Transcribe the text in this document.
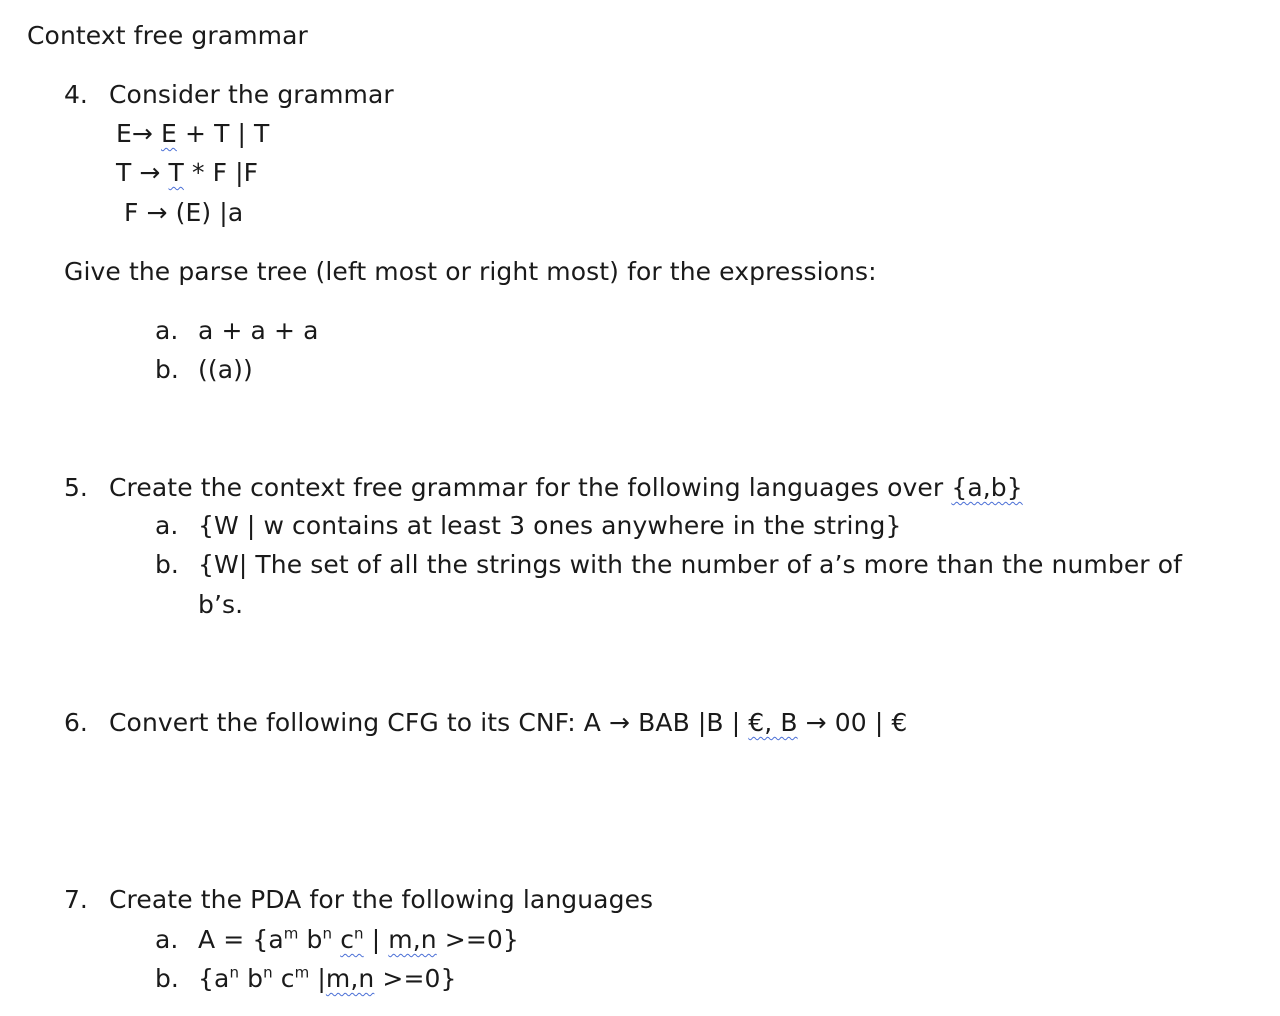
Context free grammar
4. Consider the grammar
E→ E + T | T
T → T * F |F
F → (E) |a
Give the parse tree (left most or right most) for the expressions:
a. a + a + a
b. ((a))
5. Create the context free grammar for the following languages over {a,b}
a. {W | w contains at least 3 ones anywhere in the string}
b. {W| The set of all the strings with the number of a’s more than the number of
b’s.
6. Convert the following CFG to its CNF: A → BAB |B | €, B → 00 | €
7. Create the PDA for the following languages
a. $A = \{a^m$ $b^n$ $c^n$ | m,n >=0}
b. {$a^n$ $b^n$ $c^m$ |m,n >=0}
